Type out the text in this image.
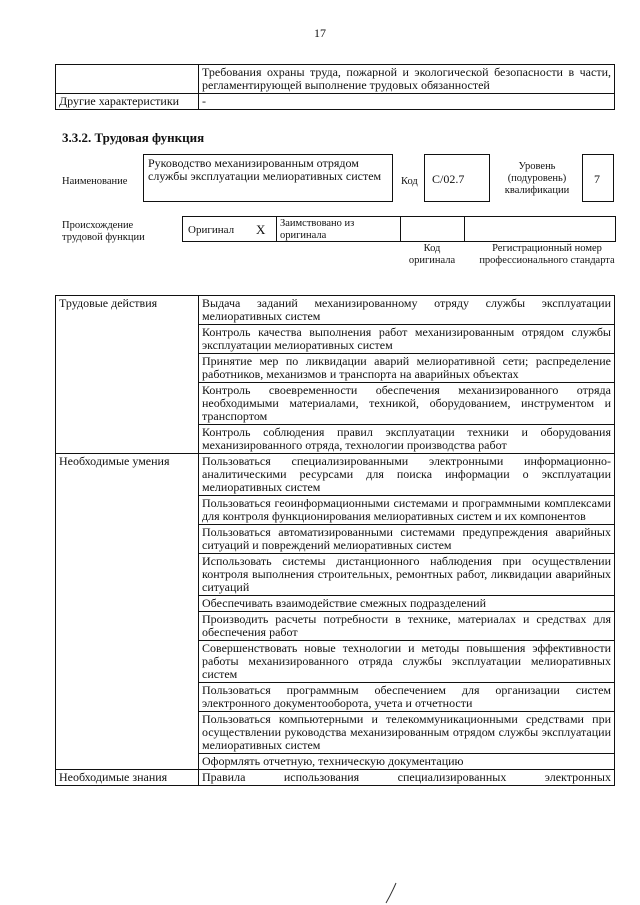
17
	Требования охраны труда, пожарной и экологической безопасности в части, регламентирующей выполнение трудовых обязанностей
Другие характеристики	-
3.3.2. Трудовая функция
Наименование
Руководство механизированным отрядом службы эксплуатации мелиоративных систем	Код C/02.7
Уровень (подуровень) квалификации
7
Происхождение трудовой функции
Оригинал X Заимствовано из оригинала
Код оригинала
Регистрационный номер профессионального стандарта
Трудовые действия	Выдача заданий механизированному отряду службы эксплуатации мелиоративных систем
	Контроль качества выполнения работ механизированным отрядом службы эксплуатации мелиоративных систем
	Принятие мер по ликвидации аварий мелиоративной сети; распределение работников, механизмов и транспорта на аварийных объектах
	Контроль своевременности обеспечения механизированного отряда необходимыми материалами, техникой, оборудованием, инструментом и транспортом
	Контроль соблюдения правил эксплуатации техники и оборудования механизированного отряда, технологии производства работ
Необходимые умения	Пользоваться специализированными электронными информационно-аналитическими ресурсами для поиска информации о эксплуатации мелиоративных систем
	Пользоваться геоинформационными системами и программными комплексами для контроля функционирования мелиоративных систем и их компонентов
	Пользоваться автоматизированными системами предупреждения аварийных ситуаций и повреждений мелиоративных систем
	Использовать системы дистанционного наблюдения при осуществлении контроля выполнения строительных, ремонтных работ, ликвидации аварийных ситуаций
	Обеспечивать взаимодействие смежных подразделений
	Производить расчеты потребности в технике, материалах и средствах для обеспечения работ
	Совершенствовать новые технологии и методы повышения эффективности работы механизированного отряда службы эксплуатации мелиоративных систем
	Пользоваться программным обеспечением для организации систем электронного документооборота, учета и отчетности
	Пользоваться компьютерными и телекоммуникационными средствами при осуществлении руководства механизированным отрядом службы эксплуатации мелиоративных систем
	Оформлять отчетную, техническую документацию
Необходимые знания	Правила использования специализированных электронных
